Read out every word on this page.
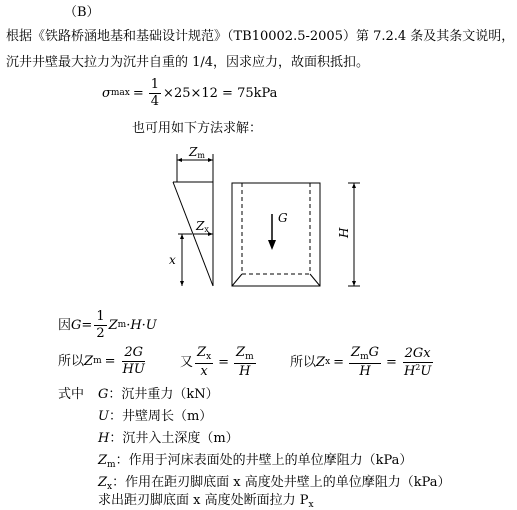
（B）
根据《铁路桥涵地基和基础设计规范》（TB10002.5-2005）第 7.2.4 条及其条文说明，
沉井井壁最大拉力为沉井自重的 1/4，因求应力，故面积抵扣。
σ $\max = \frac{1}{4} \times 25\times 12 = 75kPa$
也可用如下方法求解：
Zm
Zx
x
G
H
因 $G = \frac{1}{2}$ Z m ·H·U
所以 Z $m = \frac{2G}{HU}$	又 $\frac{Z_x}{x} = \frac{Z_m}{H}$	所以 Z $x = \frac{Z_mG}{H} = \frac{2Gx}{H^2U}$
式中 G：沉井重力（kN）
U：井壁周长（m）
H：沉井入土深度（m）
$Z_m$：作用于河床表面处的井壁上的单位摩阻力（kPa）
$Z_x$：作用在距刃脚底面 x 高度处井壁上的单位摩阻力（kPa）
求出距刃脚底面 x 高度处断面拉力 $P_x$
